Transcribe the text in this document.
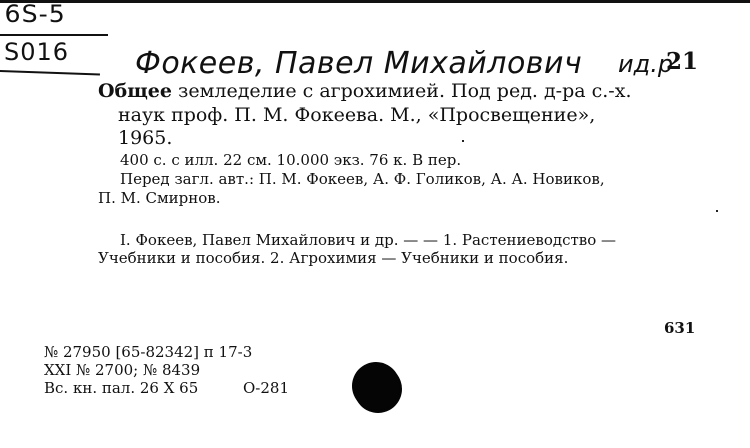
6S-5
S016 Фокеев, Павел Михайлович ид.р
21
Общее земледелие с агрохимией. Под ред. д-ра с.-х.
наук проф. П. М. Фокеева. М., «Просвещение»,
1965.
400 с. с илл. 22 см. 10.000 экз. 76 к. В пер.
Перед загл. авт.: П. М. Фокеев, А. Ф. Голиков, А. А. Новиков,
П. М. Смирнов.
I. Фокеев, Павел Михайлович и др. — — 1. Растениеводство —
Учебники и пособия. 2. Агрохимия — Учебники и пособия.
631
№ 27950 [65-82342] п 17-3
XXI № 2700; № 8439
Вс. кн. пал. 26 X 65	О-281
